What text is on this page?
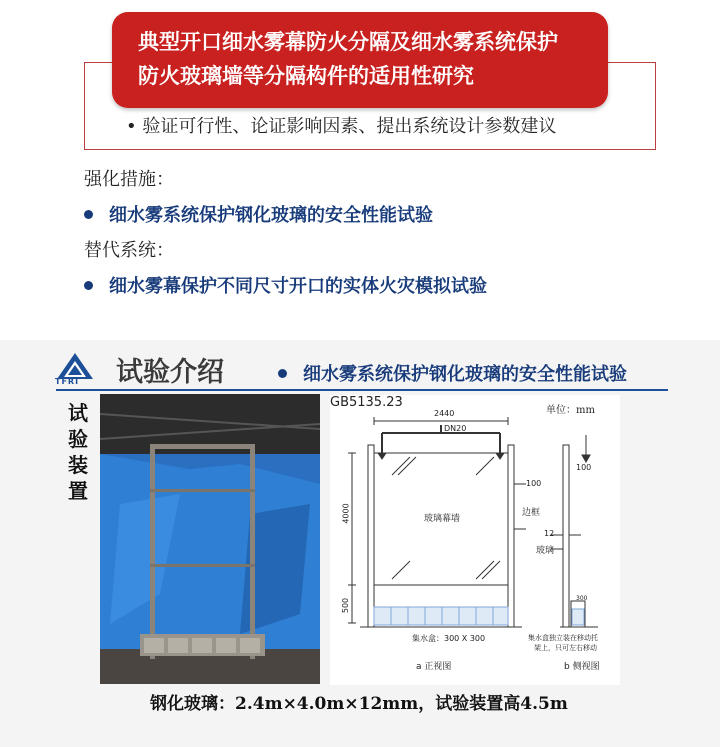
典型开口细水雾幕防火分隔及细水雾系统保护
防火玻璃墙等分隔构件的适用性研究
• 验证可行性、论证影响因素、提出系统设计参数建议
强化措施：
细水雾系统保护钢化玻璃的安全性能试验
替代系统：
细水雾幕保护不同尺寸开口的实体火灾模拟试验
TFRI 试验介绍	细水雾系统保护钢化玻璃的安全性能试验
试
验
装
置
GB5135.23
单位：mm
2440
DN20
4000
500
玻璃幕墙
集水盒：300 X 300
a 正视图	b 侧视图
100
100
边框
12
玻璃
300
集水盒独立装在移动托
架上，只可左右移动
钢化玻璃：2.4m×4.0m×12mm，试验装置高4.5m
